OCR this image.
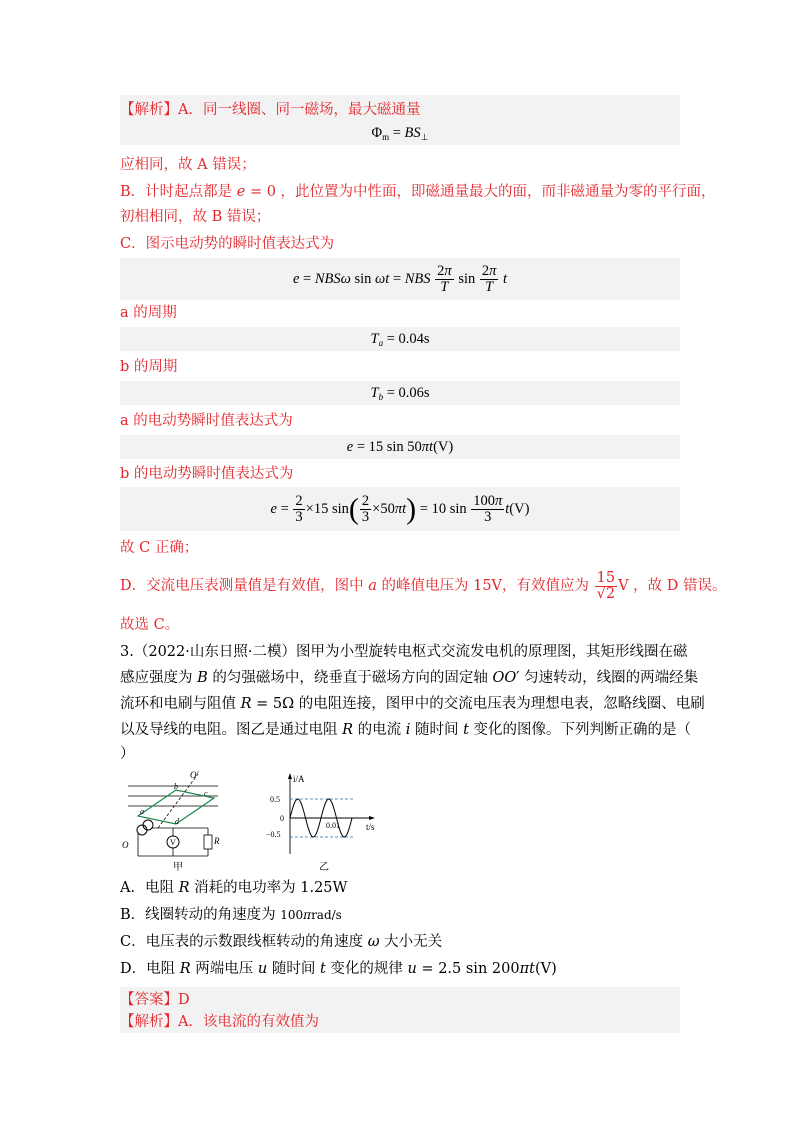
【解析】A．同一线圈、同一磁场，最大磁通量
$\Phi_m = BS_\perp$
应相同，故 A 错误；
B．计时起点都是 e = 0 ，此位置为中性面，即磁通量最大的面，而非磁通量为零的平行面，
初相相同，故 B 错误；
C．图示电动势的瞬时值表达式为
e = NBSω sin ωt = NBS $\frac{2\pi}{T}$ $\sin \frac{2\pi}{T}$ t
a 的周期
$T_a = 0.04s$
b 的周期
$T_b = 0.06s$
a 的电动势瞬时值表达式为
e = 15 sin 50πt(V)
b 的电动势瞬时值表达式为
$e = \frac{2}{3} \times 15$ $\sin( \frac{2}{3} \times 50\pi t) = 10$ $\sin \frac{100\pi}{3} t(V)$
故 C 正确；
D．交流电压表测量值是有效值，图中 a 的峰值电压为 15V，有效值应为 $\frac{15}{√2}$ V ，故 D 错误。
故选 C。
3.（2022·山东日照·二模）图甲为小型旋转电枢式交流发电机的原理图，其矩形线圈在磁
感应强度为 B 的匀强磁场中，绕垂直于磁场方向的固定轴 OO′ 匀速转动，线圈的两端经集
流环和电刷与阻值 R = 5Ω 的电阻连接，图甲中的交流电压表为理想电表，忽略线圈、电刷
以及导线的电阻。图乙是通过电阻 R 的电流 i 随时间 t 变化的图像。下列判断正确的是（
）
V
O′
b
c
a
d
O	R
甲
i/A
t/s
0.5
0
−0.5
0.01
乙
A．电阻 R 消耗的电功率为 1.25W
B．线圈转动的角速度为 100πrad/s
C．电压表的示数跟线框转动的角速度 ω 大小无关
D．电阻 R 两端电压 u 随时间 t 变化的规律 u = 2.5 sin 200πt(V)
【答案】D
【解析】A．该电流的有效值为
